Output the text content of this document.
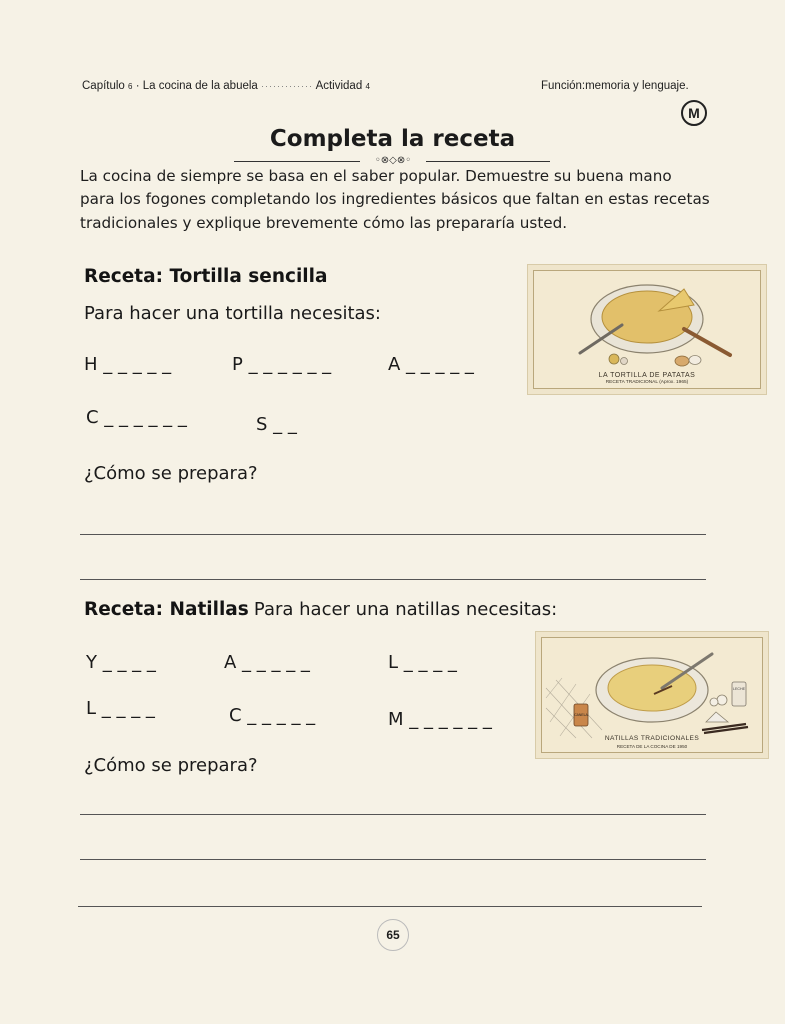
Capítulo 6 · La cocina de la abuela ············· Actividad 4	Función:memoria y lenguaje.
M
Completa la receta
◦⊗◇⊗◦
La cocina de siempre se basa en el saber popular. Demuestre su buena mano para los fogones completando los ingredientes básicos que faltan en estas recetas tradicionales y explique brevemente cómo las prepararía usted.
Receta: Tortilla sencilla
Para hacer una tortilla necesitas:
H _ _ _ _ _	P _ _ _ _ _ _	A _ _ _ _ _
C _ _ _ _ _ _	S _ _
¿Cómo se prepara?
LA TORTILLA DE PATATAS
RECETA TRADICIONAL (Aprox. 1965)
Receta: Natillas Para hacer una natillas necesitas:
Y _ _ _ _	A _ _ _ _ _	L _ _ _ _
L _ _ _ _	C _ _ _ _ _	M _ _ _ _ _ _
¿Cómo se prepara?
LECHE
CANELA
NATILLAS TRADICIONALES
RECETA DE LA COCINA DE 1950
65
